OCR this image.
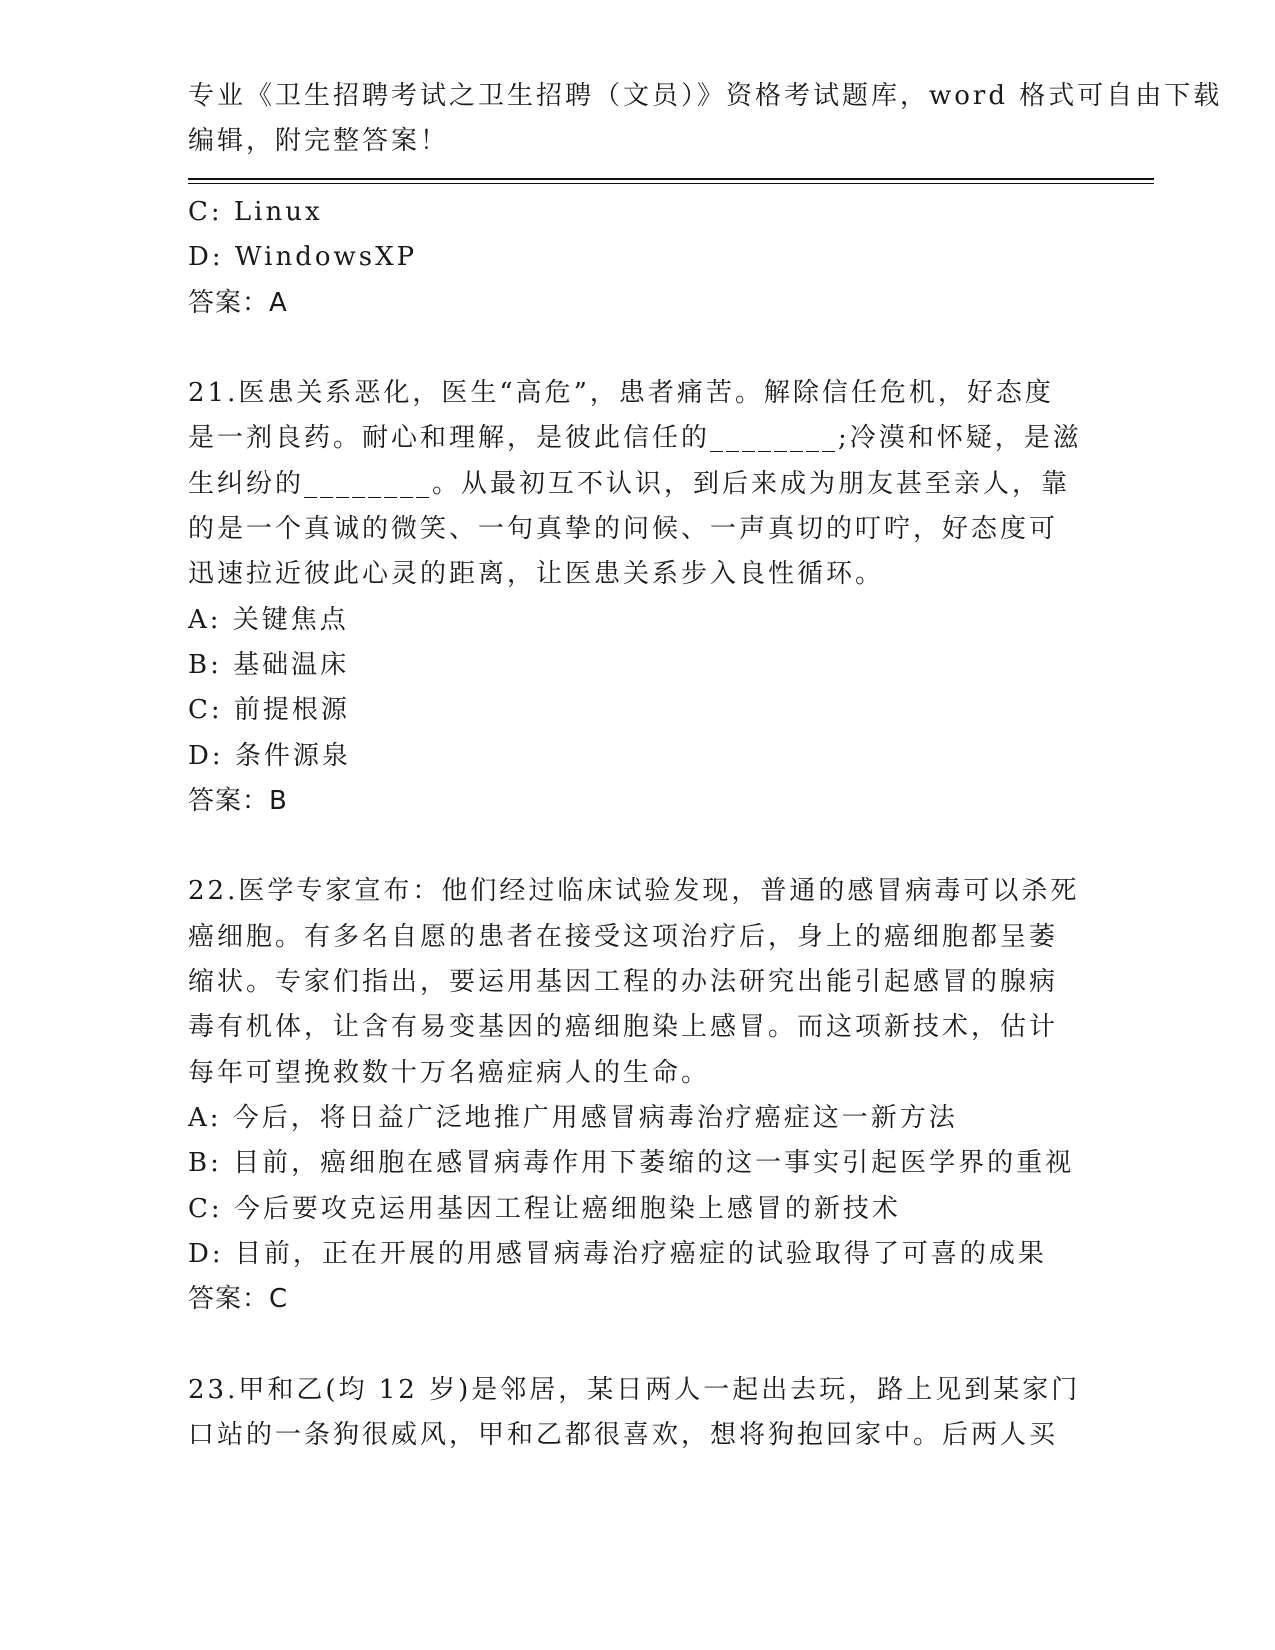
专业《卫生招聘考试之卫生招聘（文员）》资格考试题库，word 格式可自由下载
编辑，附完整答案！
C: Linux
D: WindowsXP
答案：A
21.医患关系恶化，医生“高危”，患者痛苦。解除信任危机，好态度
是一剂良药。耐心和理解，是彼此信任的________;冷漠和怀疑，是滋
生纠纷的________。从最初互不认识，到后来成为朋友甚至亲人，靠
的是一个真诚的微笑、一句真挚的问候、一声真切的叮咛，好态度可
迅速拉近彼此心灵的距离，让医患关系步入良性循环。
A: 关键焦点
B: 基础温床
C: 前提根源
D: 条件源泉
答案：B
22.医学专家宣布：他们经过临床试验发现，普通的感冒病毒可以杀死
癌细胞。有多名自愿的患者在接受这项治疗后，身上的癌细胞都呈萎
缩状。专家们指出，要运用基因工程的办法研究出能引起感冒的腺病
毒有机体，让含有易变基因的癌细胞染上感冒。而这项新技术，估计
每年可望挽救数十万名癌症病人的生命。
A: 今后，将日益广泛地推广用感冒病毒治疗癌症这一新方法
B: 目前，癌细胞在感冒病毒作用下萎缩的这一事实引起医学界的重视
C: 今后要攻克运用基因工程让癌细胞染上感冒的新技术
D: 目前，正在开展的用感冒病毒治疗癌症的试验取得了可喜的成果
答案：C
23.甲和乙(均 12 岁)是邻居，某日两人一起出去玩，路上见到某家门
口站的一条狗很威风，甲和乙都很喜欢，想将狗抱回家中。后两人买
